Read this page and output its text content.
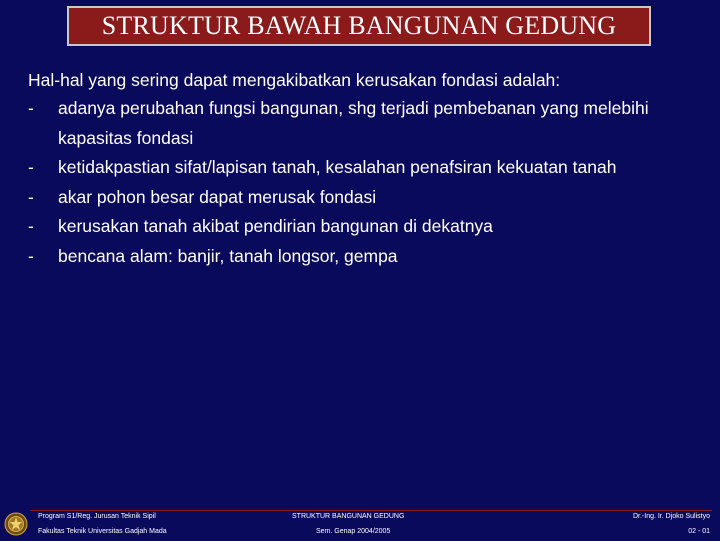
STRUKTUR BAWAH BANGUNAN GEDUNG
Hal-hal yang sering dapat mengakibatkan kerusakan fondasi adalah:
-	adanya perubahan fungsi bangunan, shg terjadi pembebanan yang melebihi kapasitas fondasi
-	ketidakpastian sifat/lapisan tanah, kesalahan penafsiran kekuatan tanah
-	akar pohon besar dapat merusak fondasi
-	kerusakan tanah akibat pendirian bangunan di dekatnya
-	bencana alam: banjir, tanah longsor, gempa
Program S1/Reg. Jurusan Teknik Sipil
Fakultas Teknik Universitas Gadjah Mada
STRUKTUR BANGUNAN GEDUNG
Sem. Genap 2004/2005
Dr.-Ing. Ir. Djoko Sulistyo
02 - 01
